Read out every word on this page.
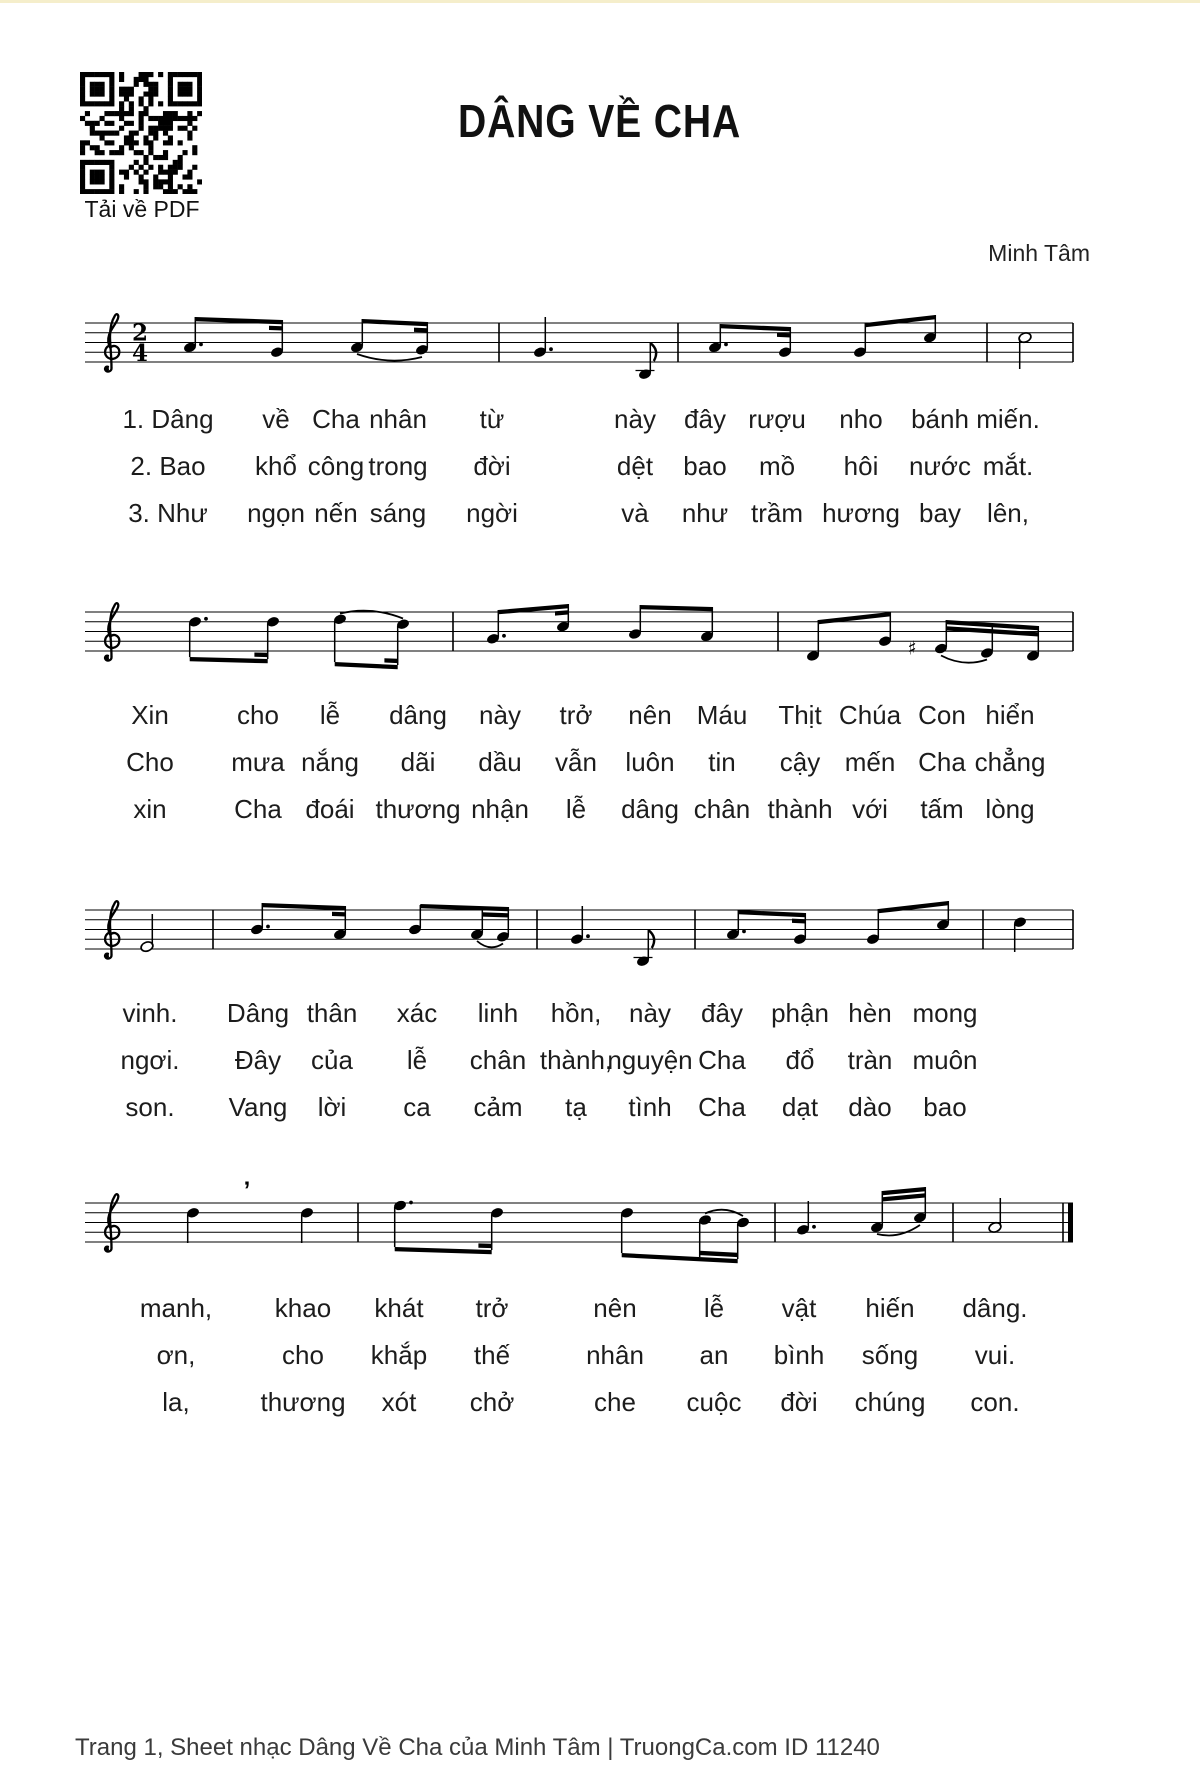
Tải về PDF
DÂNG VỀ CHA
Minh Tâm
2
4
♯
’
Trang 1, Sheet nhạc Dâng Về Cha của Minh Tâm | TruongCa.com ID 11240
1. Dâng về Cha nhân từ	này đây rượu nho bánh miến.
2. Bao khổ công trong đời	dệt bao mồ hôi nước mắt.
3. Như ngọn nến sáng ngời	và như trầm hương bay lên,
Xin	cho lễ dâng này trở nên Máu Thịt Chúa Con hiển
Cho mưa nắng dãi dầu vẫn luôn tin cậy mến Cha chẳng
xin	Cha đoái thương nhận lễ dâng chân thành với tấm lòng
vinh. Dâng thân xác linh hồn, này đây phận hèn mong
ngơi. Đây của lễ chân thành,
nguyện Cha đổ tràn muôn
son. Vang lời ca cảm tạ tình Cha dạt dào bao
manh, khao khát trở	nên	lễ vật hiến dâng.
ơn,	cho khắp thế	nhân an bình sống vui.
la,	thương xót chở	che cuộc đời chúng con.
